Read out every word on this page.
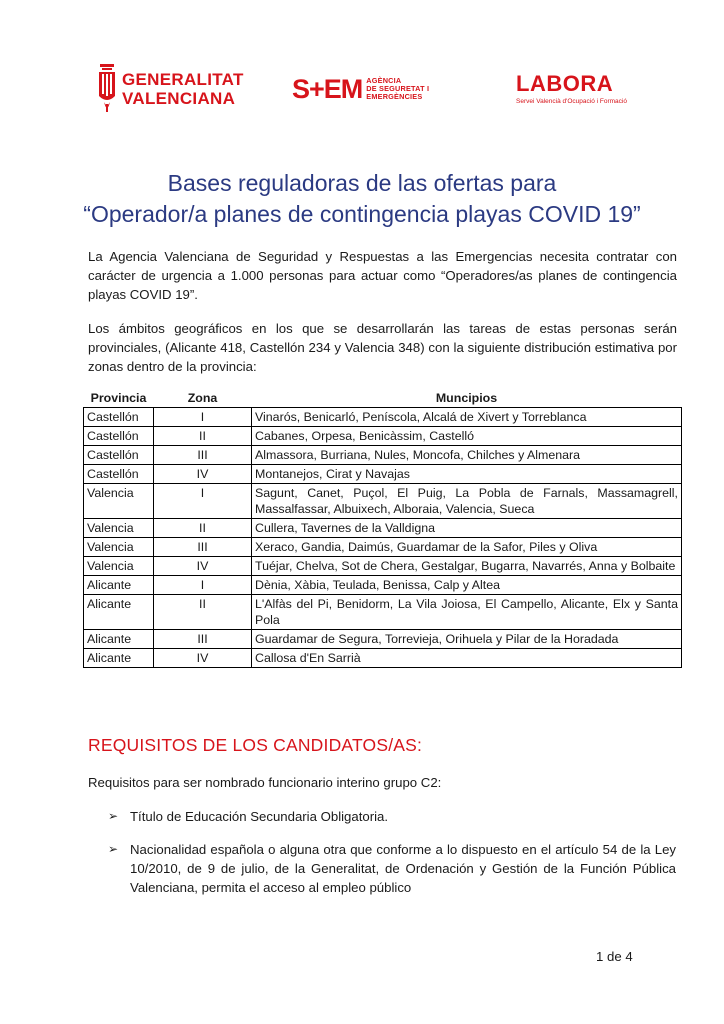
GENERALITAT
VALENCIANA	S+EM AGÈNCIA
DE SEGURETAT I
EMERGÈNCIES
LABORA
Servei Valencià d'Ocupació i Formació
Bases reguladoras de las ofertas para
“Operador/a planes de contingencia playas COVID 19”
La Agencia Valenciana de Seguridad y Respuestas a las Emergencias necesita contratar con carácter de urgencia a 1.000 personas para actuar como “Operadores/as planes de contingencia playas COVID 19”.
Los ámbitos geográficos en los que se desarrollarán las tareas de estas personas serán provinciales, (Alicante 418, Castellón 234 y Valencia 348) con la siguiente distribución estimativa por zonas dentro de la provincia:
Provincia	Zona	Muncipios
Castellón	I	Vinarós, Benicarló, Peníscola, Alcalá de Xivert y Torreblanca
Castellón	II	Cabanes, Orpesa, Benicàssim, Castelló
Castellón	III	Almassora, Burriana, Nules, Moncofa, Chilches y Almenara
Castellón	IV	Montanejos, Cirat y Navajas
Valencia	I	Sagunt, Canet, Puçol, El Puig, La Pobla de Farnals, Massamagrell, Massalfassar, Albuixech, Alboraia, Valencia, Sueca
Valencia	II	Cullera, Tavernes de la Valldigna
Valencia	III	Xeraco, Gandia, Daimús, Guardamar de la Safor, Piles y Oliva
Valencia	IV	Tuéjar, Chelva, Sot de Chera, Gestalgar, Bugarra, Navarrés, Anna y Bolbaite
Alicante	I	Dènia, Xàbia, Teulada, Benissa, Calp y Altea
Alicante	II	L'Alfàs del Pi, Benidorm, La Vila Joiosa, El Campello, Alicante, Elx y Santa Pola
Alicante	III	Guardamar de Segura, Torrevieja, Orihuela y Pilar de la Horadada
Alicante	IV	Callosa d'En Sarrià
REQUISITOS DE LOS CANDIDATOS/AS:
Requisitos para ser nombrado funcionario interino grupo C2:
➢ Título de Educación Secundaria Obligatoria.
➢ Nacionalidad española o alguna otra que conforme a lo dispuesto en el artículo 54 de la Ley 10/2010, de 9 de julio, de la Generalitat, de Ordenación y Gestión de la Función Pública Valenciana, permita el acceso al empleo público
1 de 4
